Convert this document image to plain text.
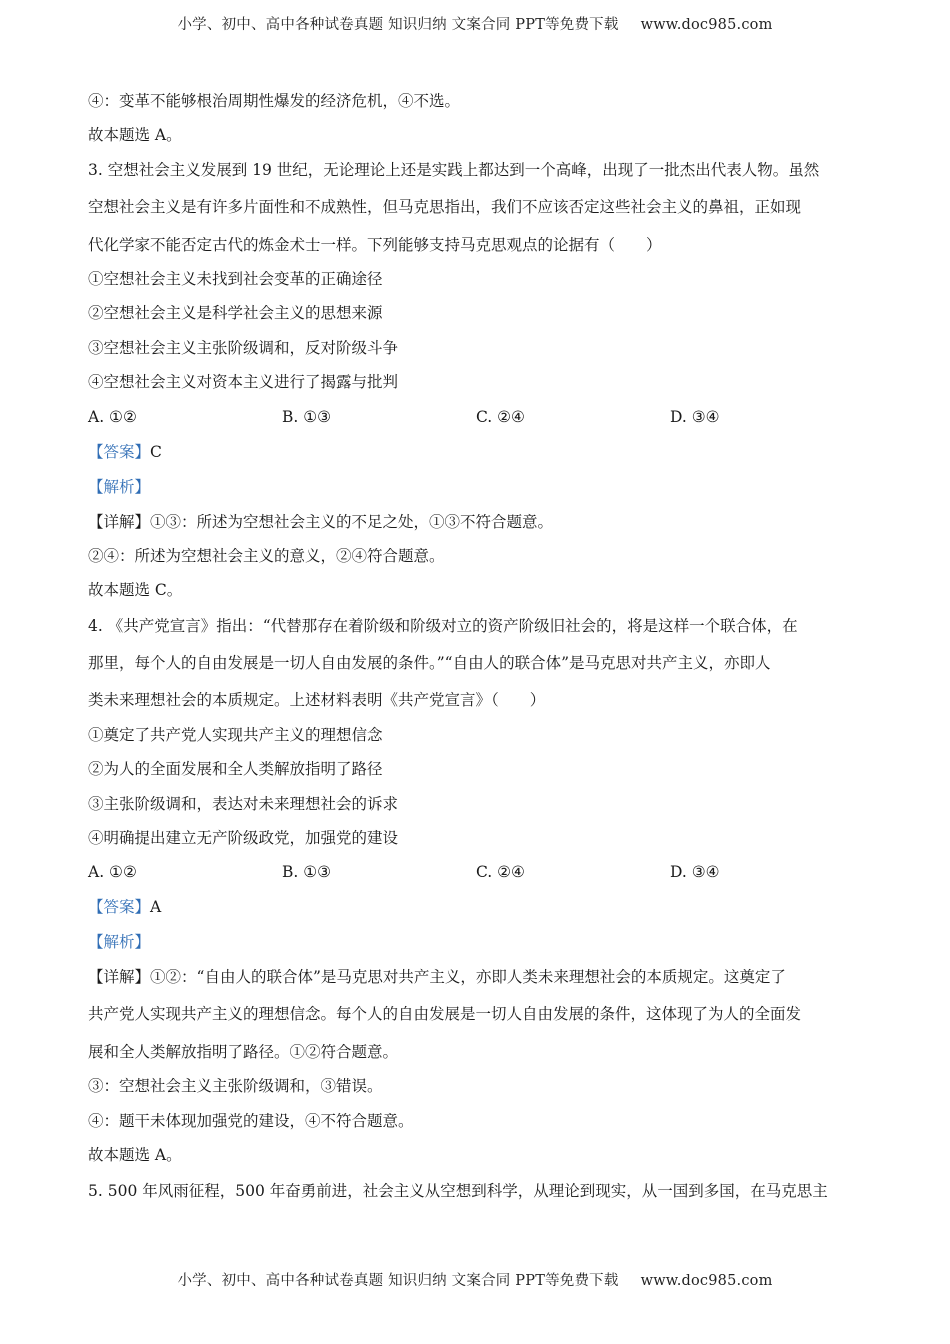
小学、初中、高中各种试卷真题 知识归纳 文案合同 PPT等免费下载 www.doc985.com
④：变革不能够根治周期性爆发的经济危机，④不选。
故本题选 A。
3. 空想社会主义发展到 19 世纪，无论理论上还是实践上都达到一个高峰，出现了一批杰出代表人物。虽然
空想社会主义是有许多片面性和不成熟性，但马克思指出，我们不应该否定这些社会主义的鼻祖，正如现
代化学家不能否定古代的炼金术士一样。下列能够支持马克思观点的论据有（　　）
①空想社会主义未找到社会变革的正确途径
②空想社会主义是科学社会主义的思想来源
③空想社会主义主张阶级调和，反对阶级斗争
④空想社会主义对资本主义进行了揭露与批判
A. ①②	B. ①③	C. ②④	D. ③④
【答案】C
【解析】
【详解】①③：所述为空想社会主义的不足之处，①③不符合题意。
②④：所述为空想社会主义的意义，②④符合题意。
故本题选 C。
4. 《共产党宣言》指出：“代替那存在着阶级和阶级对立的资产阶级旧社会的，将是这样一个联合体，在
那里，每个人的自由发展是一切人自由发展的条件。”“自由人的联合体”是马克思对共产主义，亦即人
类未来理想社会的本质规定。上述材料表明《共产党宣言》（　　）
①奠定了共产党人实现共产主义的理想信念
②为人的全面发展和全人类解放指明了路径
③主张阶级调和，表达对未来理想社会的诉求
④明确提出建立无产阶级政党，加强党的建设
A. ①②	B. ①③	C. ②④	D. ③④
【答案】A
【解析】
【详解】①②：“自由人的联合体”是马克思对共产主义，亦即人类未来理想社会的本质规定。这奠定了
共产党人实现共产主义的理想信念。每个人的自由发展是一切人自由发展的条件，这体现了为人的全面发
展和全人类解放指明了路径。①②符合题意。
③：空想社会主义主张阶级调和，③错误。
④：题干未体现加强党的建设，④不符合题意。
故本题选 A。
5. 500 年风雨征程，500 年奋勇前进，社会主义从空想到科学，从理论到现实，从一国到多国，在马克思主
小学、初中、高中各种试卷真题 知识归纳 文案合同 PPT等免费下载 www.doc985.com
